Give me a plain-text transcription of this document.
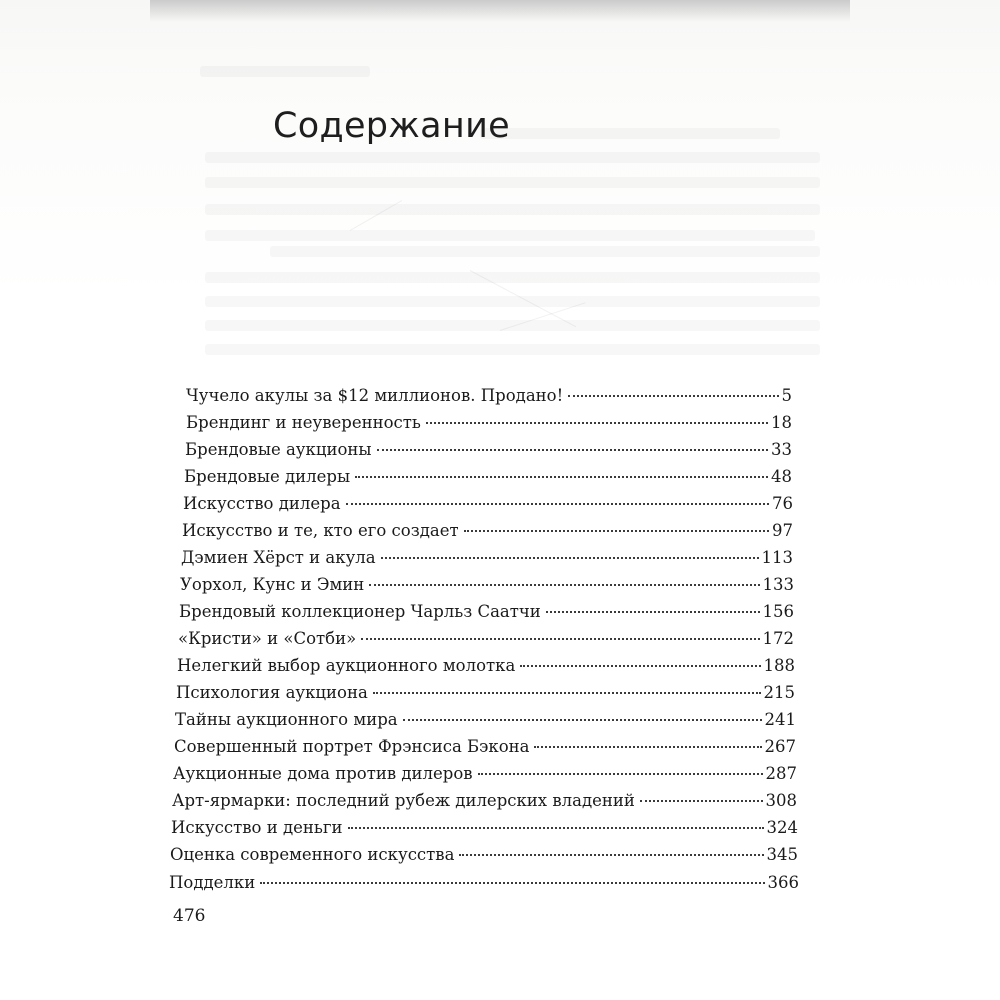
Содержание
Чучело акулы за $12 миллионов. Продано!	5
Брендинг и неуверенность	18
Брендовые аукционы	33
Брендовые дилеры	48
Искусство дилера	76
Искусство и те, кто его создает	97
Дэмиен Хёрст и акула	113
Уорхол, Кунс и Эмин	133
Брендовый коллекционер Чарльз Саатчи	156
«Кристи» и «Сотби»	172
Нелегкий выбор аукционного молотка	188
Психология аукциона	215
Тайны аукционного мира	241
Совершенный портрет Фрэнсиса Бэкона	267
Аукционные дома против дилеров	287
Арт-ярмарки: последний рубеж дилерских владений	308
Искусство и деньги	324
Оценка современного искусства	345
Подделки	366
476
